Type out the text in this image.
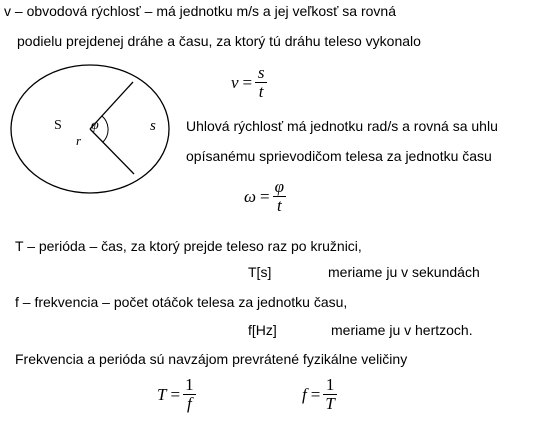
v – obvodová rýchlosť – má jednotku m/s a jej veľkosť sa rovná
podielu prejdenej dráhe a času, za ktorý tú dráhu teleso vykonalo
$v = \frac{s}{t}$
S φ
r
s Uhlová rýchlosť má jednotku rad/s a rovná sa uhlu
opísanému sprievodičom telesa za jednotku času
$\omega = \frac{\varphi}{t}$
T – perióda – čas, za ktorý prejde teleso raz po kružnici,
T[s]	meriame ju v sekundách
f – frekvencia – počet otáčok telesa za jednotku času,
f[Hz]	meriame ju v hertzoch.
Frekvencia a perióda sú navzájom prevrátené fyzikálne veličiny
$T = \frac{1}{f}$	$f = \frac{1}{T}$
